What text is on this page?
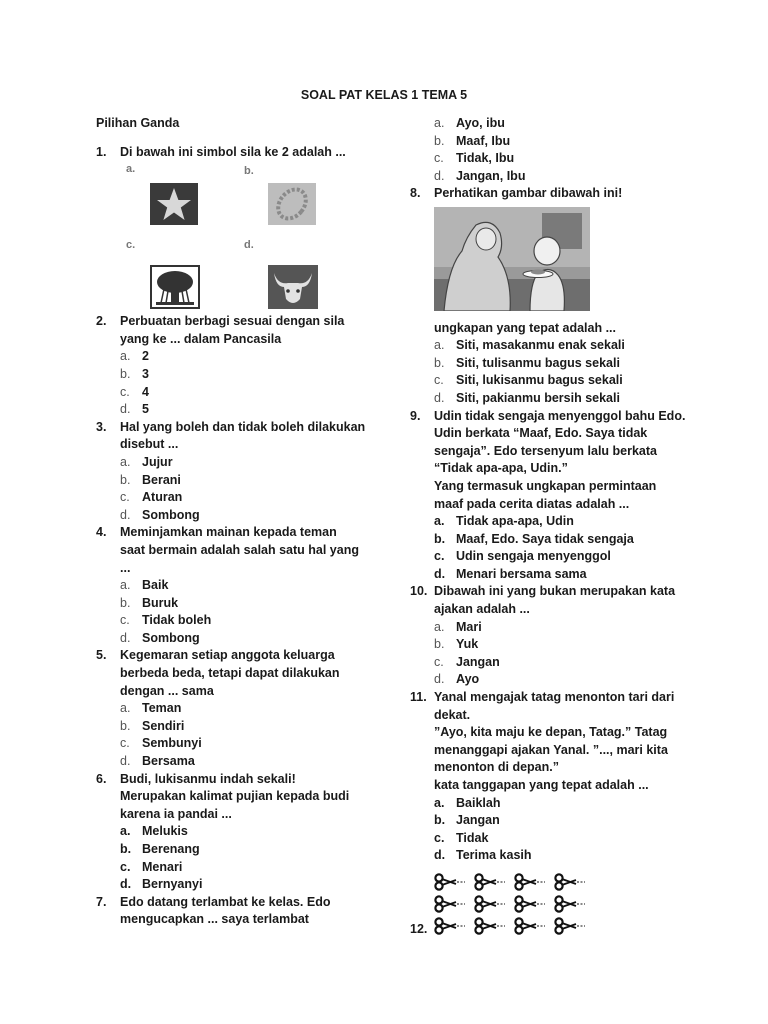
SOAL PAT KELAS 1 TEMA 5
Pilihan Ganda
1.	Di bawah ini simbol sila ke 2 adalah ...
a.	b.
c.	d.
2.	Perbuatan berbagi sesuai dengan sila
yang ke ... dalam Pancasila
a. 2
b. 3
c. 4
d. 5
3.	Hal yang boleh dan tidak boleh dilakukan
disebut ...
a. Jujur
b. Berani
c. Aturan
d. Sombong
4.	Meminjamkan mainan kepada teman
saat bermain adalah salah satu hal yang
...
a. Baik
b. Buruk
c. Tidak boleh
d. Sombong
5.	Kegemaran setiap anggota keluarga
berbeda beda, tetapi dapat dilakukan
dengan ... sama
a. Teman
b. Sendiri
c. Sembunyi
d. Bersama
6.	Budi, lukisanmu indah sekali!
Merupakan kalimat pujian kepada budi
karena ia pandai ...
a. Melukis
b. Berenang
c. Menari
d. Bernyanyi
7.	Edo datang terlambat ke kelas. Edo
mengucapkan ... saya terlambat
a. Ayo, ibu
b. Maaf, Ibu
c. Tidak, Ibu
d. Jangan, Ibu
8.	Perhatikan gambar dibawah ini!
ungkapan yang tepat adalah ...
a. Siti, masakanmu enak sekali
b. Siti, tulisanmu bagus sekali
c. Siti, lukisanmu bagus sekali
d. Siti, pakianmu bersih sekali
9.	Udin tidak sengaja menyenggol bahu Edo.
Udin berkata “Maaf, Edo. Saya tidak
sengaja”. Edo tersenyum lalu berkata
“Tidak apa-apa, Udin.”
Yang termasuk ungkapan permintaan
maaf pada cerita diatas adalah ...
a. Tidak apa-apa, Udin
b. Maaf, Edo. Saya tidak sengaja
c. Udin sengaja menyenggol
d. Menari bersama sama
10. Dibawah ini yang bukan merupakan kata
ajakan adalah ...
a. Mari
b. Yuk
c. Jangan
d. Ayo
11. Yanal mengajak tatag menonton tari dari
dekat.
”Ayo, kita maju ke depan, Tatag.” Tatag
menanggapi ajakan Yanal. ”..., mari kita
menonton di depan.”
kata tanggapan yang tepat adalah ...
a. Baiklah
b. Jangan
c. Tidak
d. Terima kasih
12.
